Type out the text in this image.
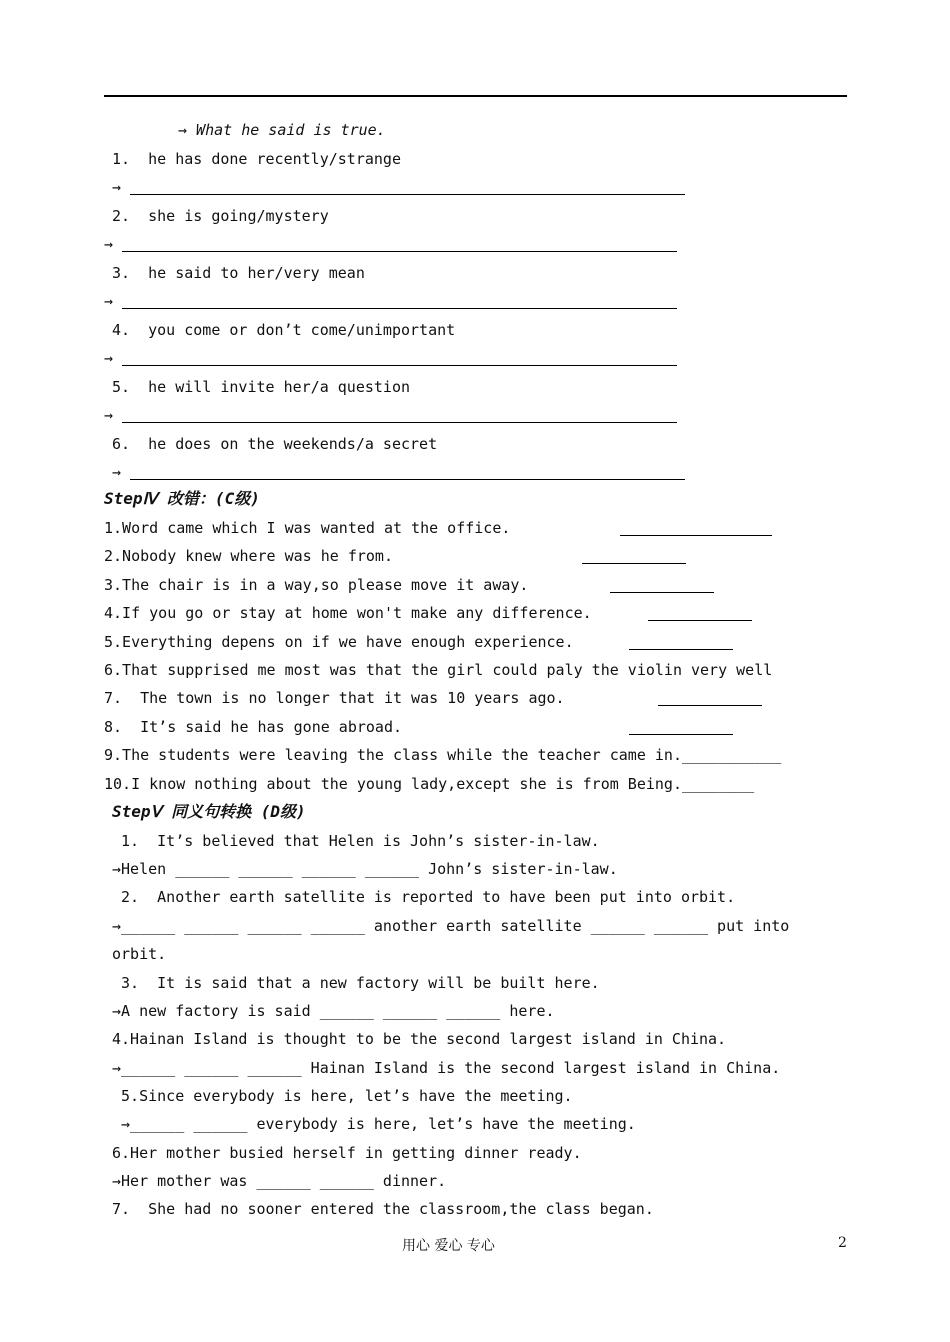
→ What he said is true.
1.  he has done recently/strange
→
2.  she is going/mystery
→
3.  he said to her/very mean
→
4.  you come or don’t come/unimportant
→
5.  he will invite her/a question
→
6.  he does on the weekends/a secret
→
StepⅣ 改错：(C级)
1.Word came which I was wanted at the office.
2.Nobody knew where was he from.
3.The chair is in a way,so please move it away.
4.If you go or stay at home won't make any difference.
5.Everything depens on if we have enough experience.
6.That supprised me most was that the girl could paly the violin very well
7.  The town is no longer that it was 10 years ago.
8.  It’s said he has gone abroad.
9.The students were leaving the class while the teacher came in.___________
10.I know nothing about the young lady,except she is from Being.________
StepⅤ 同义句转换 (D级)
1.  It’s believed that Helen is John’s sister-in-law.
→Helen ______ ______ ______ ______ John’s sister-in-law.
2.  Another earth satellite is reported to have been put into orbit.
→______ ______ ______ ______ another earth satellite ______ ______ put into
orbit.
3.  It is said that a new factory will be built here.
→A new factory is said ______ ______ ______ here.
4.Hainan Island is thought to be the second largest island in China.
→______ ______ ______ Hainan Island is the second largest island in China.
5.Since everybody is here, let’s have the meeting.
→______ ______ everybody is here, let’s have the meeting.
6.Her mother busied herself in getting dinner ready.
→Her mother was ______ ______ dinner.
7.  She had no sooner entered the classroom,the class began.
用心 爱心 专心	2
